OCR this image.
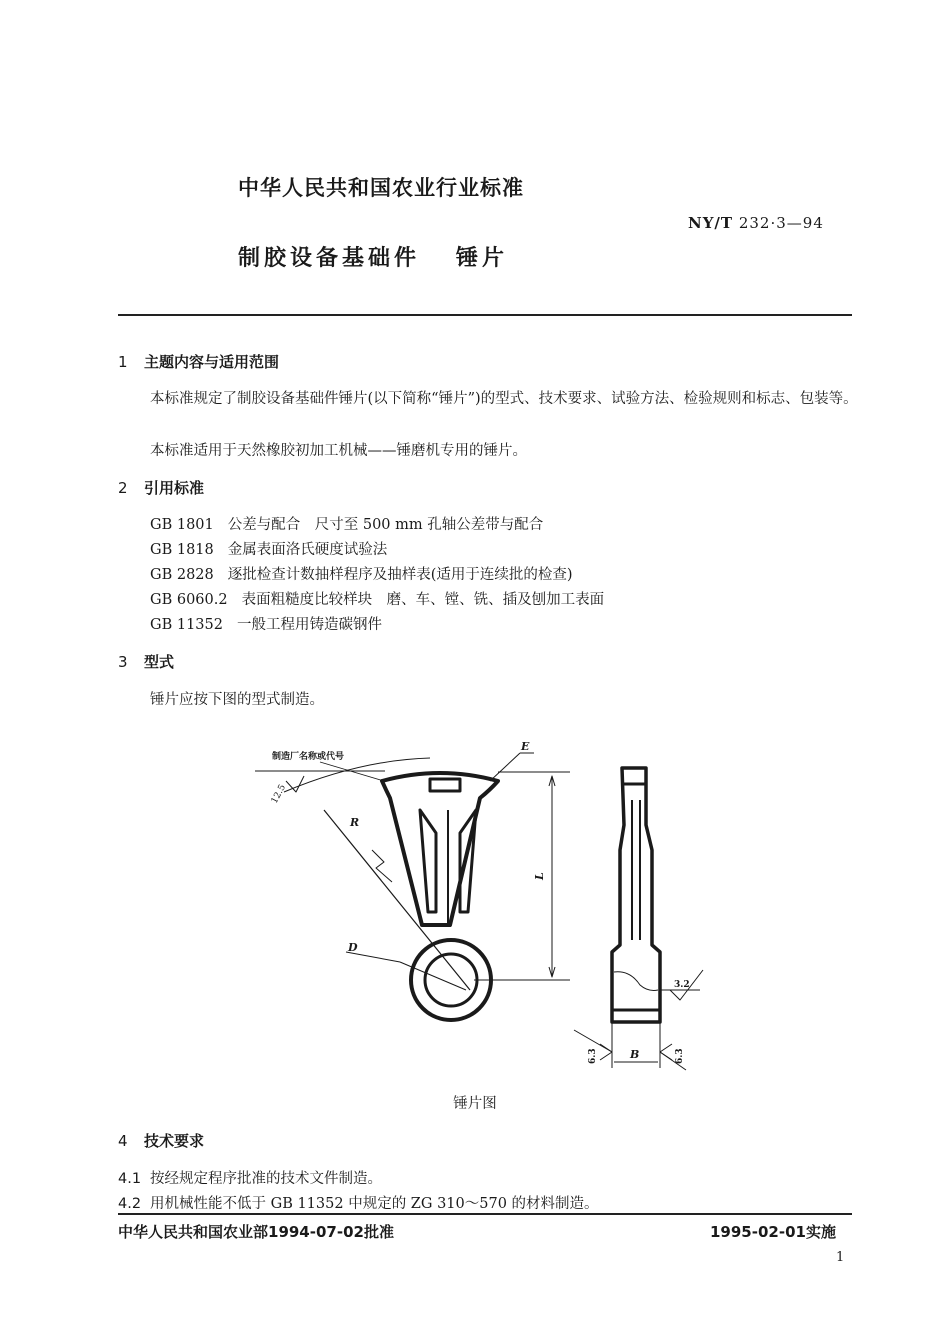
中华人民共和国农业行业标准
NY/T 232·3—94
制胶设备基础件 锤片
1 主题内容与适用范围

本标准规定了制胶设备基础件锤片(以下简称“锤片”)的型式、技术要求、试验方法、检验规则和标志、包装等。

本标准适用于天然橡胶初加工机械——锤磨机专用的锤片。

2 引用标准
GB 1801 公差与配合　尺寸至 500 mm 孔轴公差带与配合
GB 1818 金属表面洛氏硬度试验法
GB 2828 逐批检查计数抽样程序及抽样表(适用于连续批的检查)
GB 6060.2 表面粗糙度比较样块　磨、车、镗、铣、插及刨加工表面
GB 11352 一般工程用铸造碳钢件
3 型式

锤片应按下图的型式制造。

制造厂名称或代号
E
R
L
D
B
12.5
3.2
6.3	6.3
锤片图
4 技术要求
4.1 按经规定程序批准的技术文件制造。
4.2 用机械性能不低于 GB 11352 中规定的 ZG 310～570 的材料制造。
中华人民共和国农业部1994-07-02批准	1995-02-01实施
1
